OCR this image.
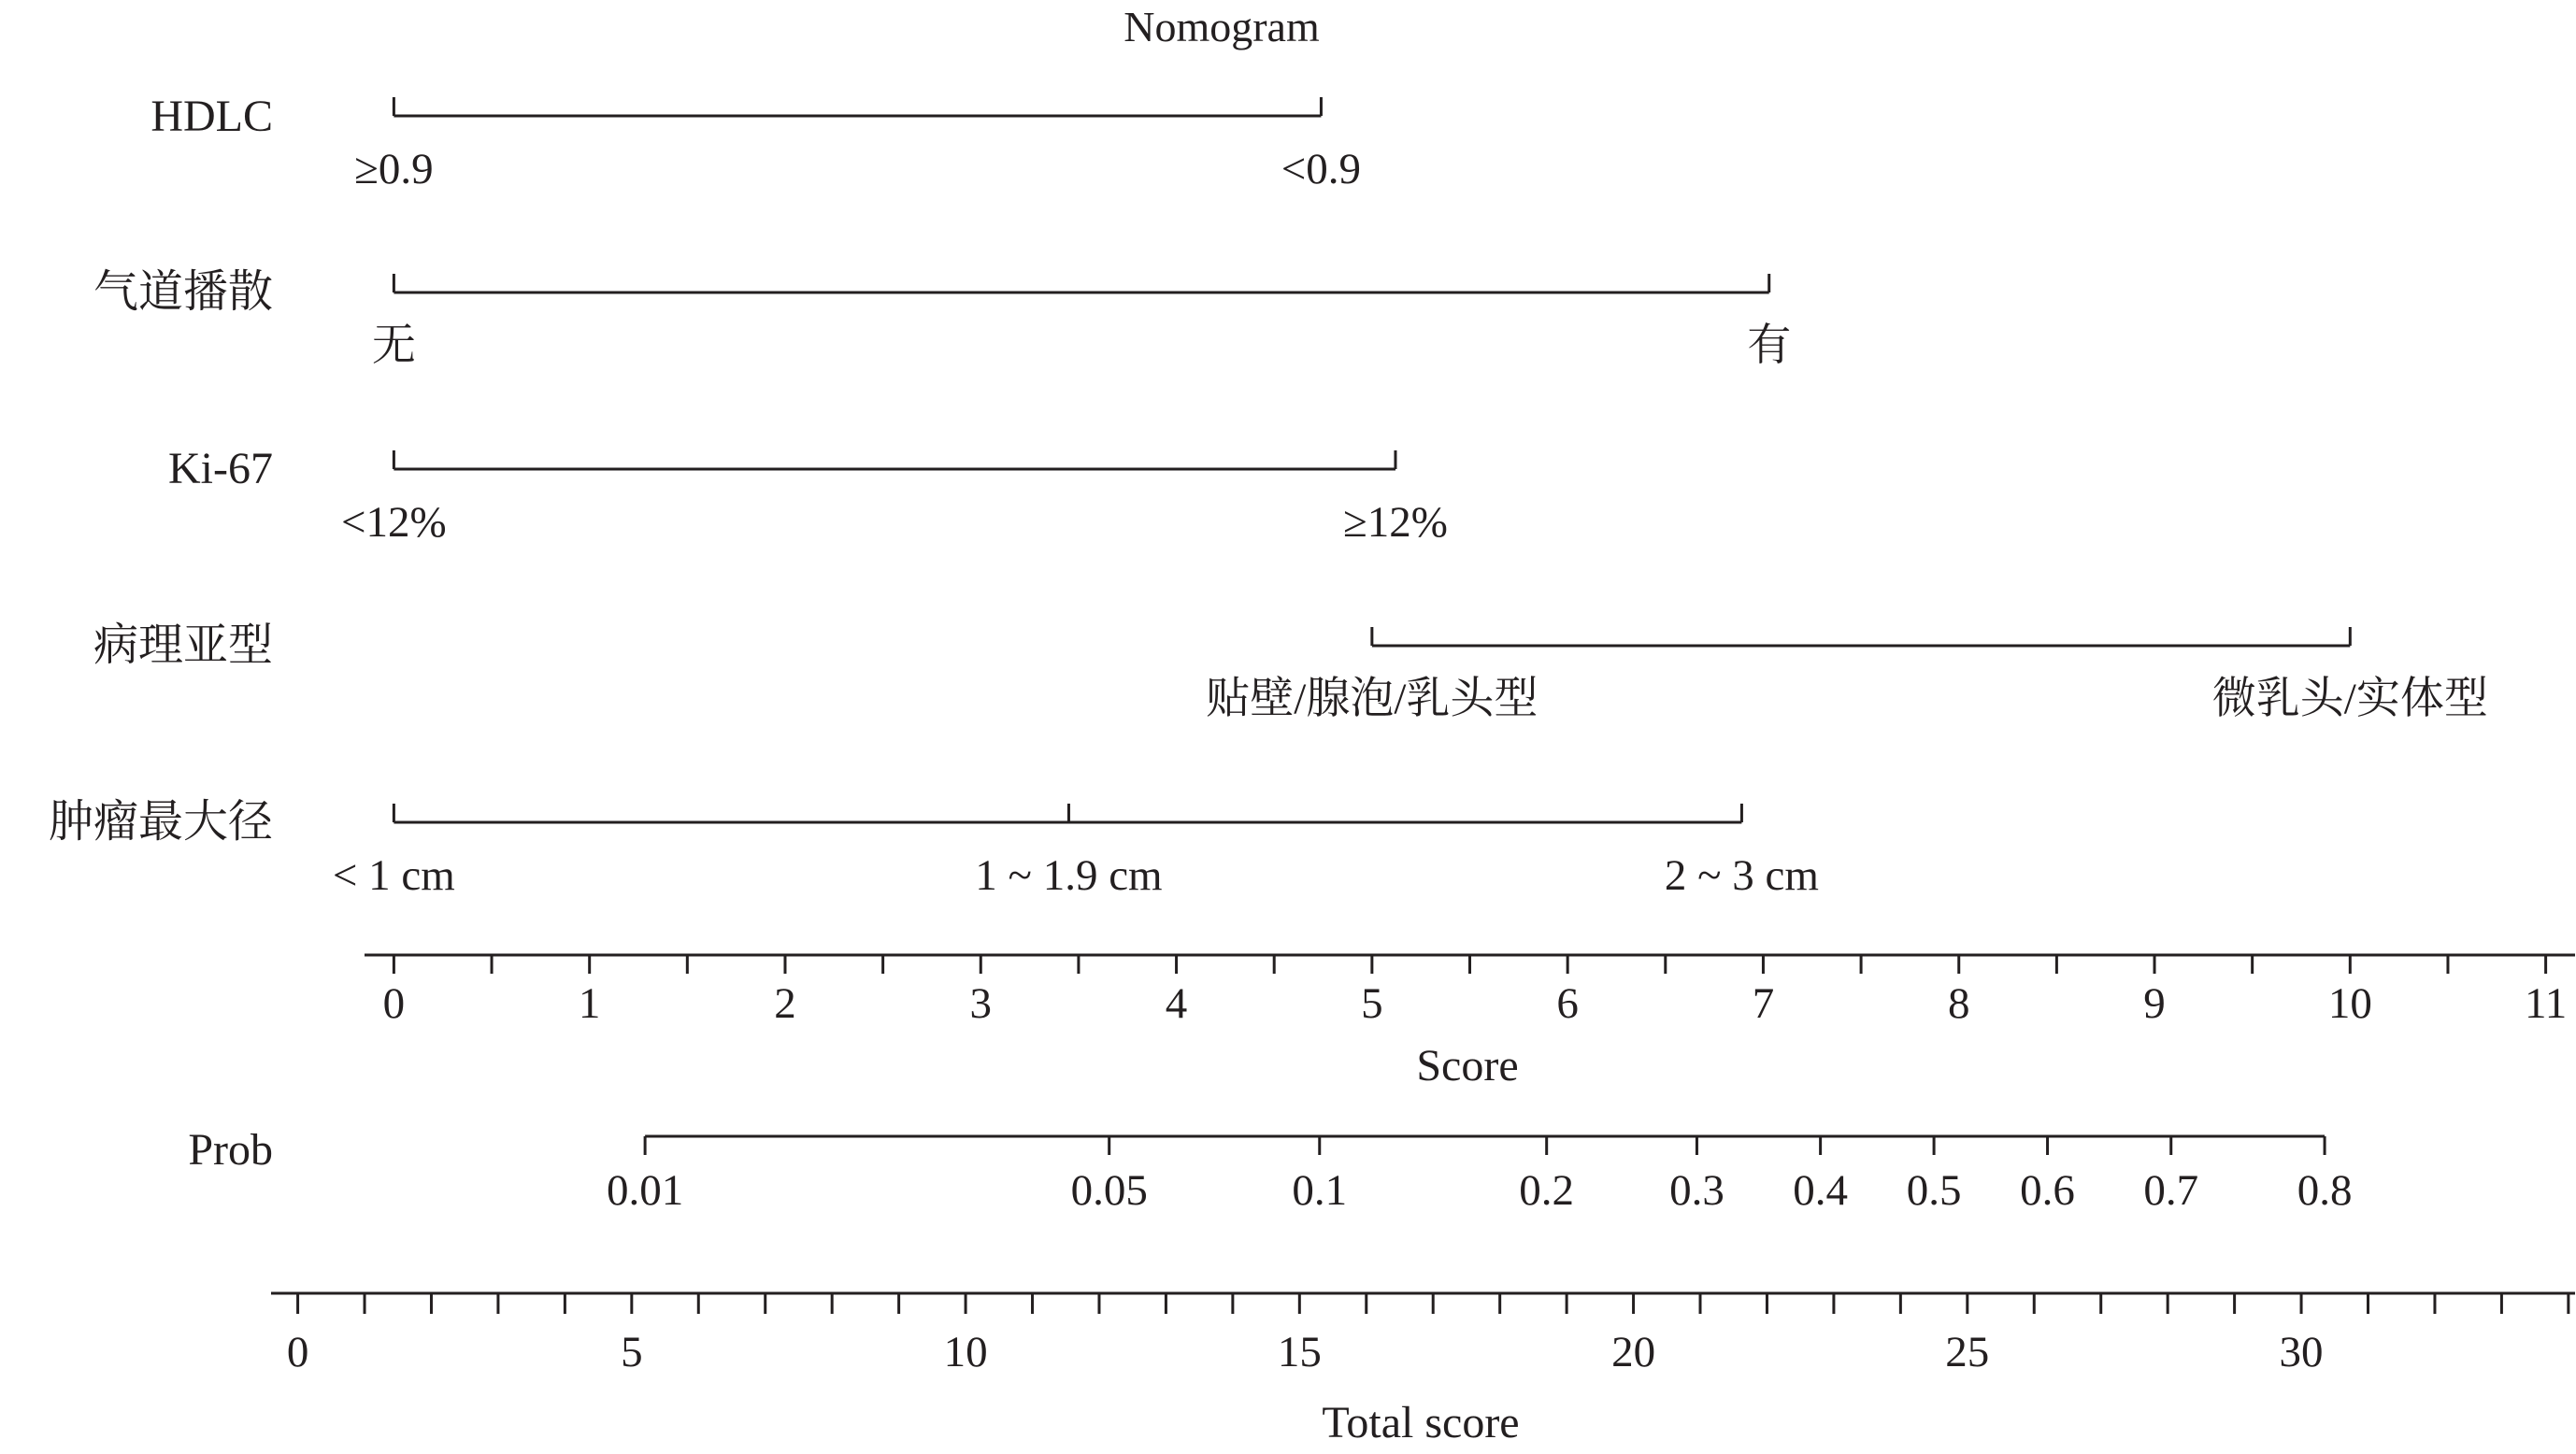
Nomogram
HDLC
≥0.9	<0.9
气道播散
无	有
Ki-67
<12%	≥12%
病理亚型
贴壁/腺泡/乳头型	微乳头/实体型
肿瘤最大径
< 1 cm	1 ~ 1.9 cm	2 ~ 3 cm
0	1	2	3	4	5	6	7	8	9	10	11
0.01	0.05	0.1	0.2 0.3 0.4 0.5 0.6 0.7 0.8
0	5	10	15	20	25	30
Score
Prob
Total score
